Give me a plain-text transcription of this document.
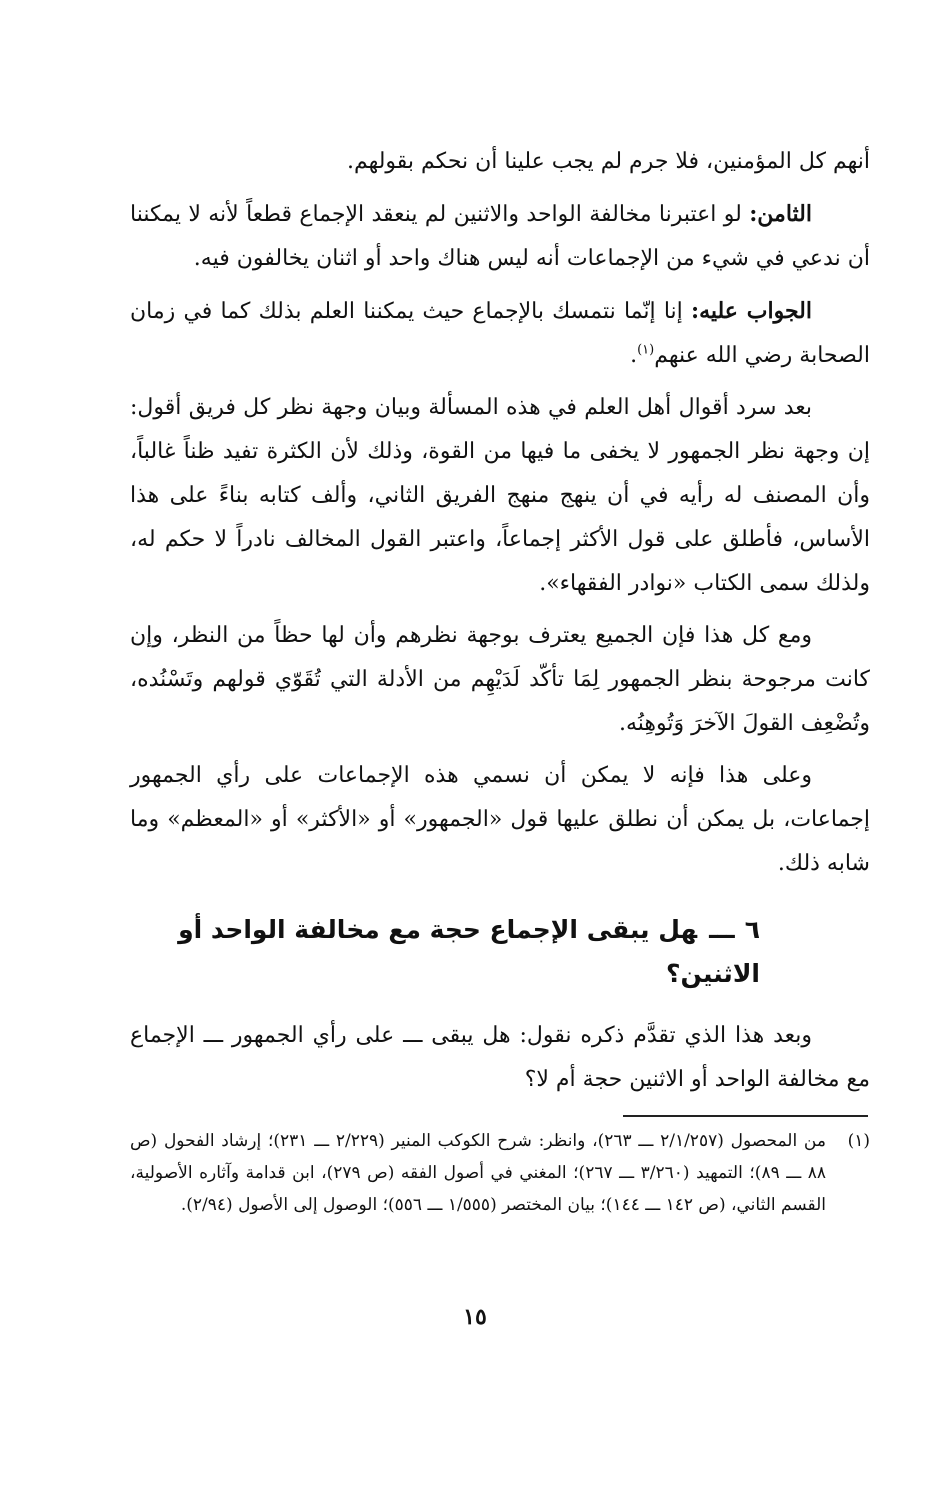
أنهم كل المؤمنين، فلا جرم لم يجب علينا أن نحكم بقولهم.

الثامن: لو اعتبرنا مخالفة الواحد والاثنين لم ينعقد الإجماع قطعاً لأنه لا يمكننا أن ندعي في شيء من الإجماعات أنه ليس هناك واحد أو اثنان يخالفون فيه.

الجواب عليه: إنا إنّما نتمسك بالإجماع حيث يمكننا العلم بذلك كما في زمان الصحابة رضي الله عنهم$^{(١)}$.

بعد سرد أقوال أهل العلم في هذه المسألة وبيان وجهة نظر كل فريق أقول: إن وجهة نظر الجمهور لا يخفى ما فيها من القوة، وذلك لأن الكثرة تفيد ظناً غالباً، وأن المصنف له رأيه في أن ينهج منهج الفريق الثاني، وألف كتابه بناءً على هذا الأساس، فأطلق على قول الأكثر إجماعاً، واعتبر القول المخالف نادراً لا حكم له، ولذلك سمى الكتاب «نوادر الفقهاء».

ومع كل هذا فإن الجميع يعترف بوجهة نظرهم وأن لها حظاً من النظر، وإن كانت مرجوحة بنظر الجمهور لِمَا تأكّد لَدَيْهِم من الأدلة التي تُقَوّي قولهم وتَسْنُده، وتُضْعِف القولَ الآخرَ وَتُوهِنُه.

وعلى هذا فإنه لا يمكن أن نسمي هذه الإجماعات على رأي الجمهور إجماعات، بل يمكن أن نطلق عليها قول «الجمهور» أو «الأكثر» أو «المعظم» وما شابه ذلك.

٦ـــهل يبقى الإجماع حجة مع مخالفة الواحد أو الاثنين؟

وبعد هذا الذي تقدَّم ذكره نقول: هل يبقى ـــ على رأي الجمهور ـــ الإجماع مع مخالفة الواحد أو الاثنين حجة أم لا؟

(١)
من المحصول (٢/١/٢٥٧ ـــ ٢٦٣)، وانظر: شرح الكوكب المنير (٢/٢٢٩ ـــ ٢٣١)؛ إرشاد الفحول (ص ٨٨ ـــ ٨٩)؛ التمهيد (٣/٢٦٠ ـــ ٢٦٧)؛ المغني في أصول الفقه (ص ٢٧٩)، ابن قدامة وآثاره الأصولية، القسم الثاني، (ص ١٤٢ ـــ ١٤٤)؛ بيان المختصر (١/٥٥٥ ـــ ٥٥٦)؛ الوصول إلى الأصول (٢/٩٤).
١٥
